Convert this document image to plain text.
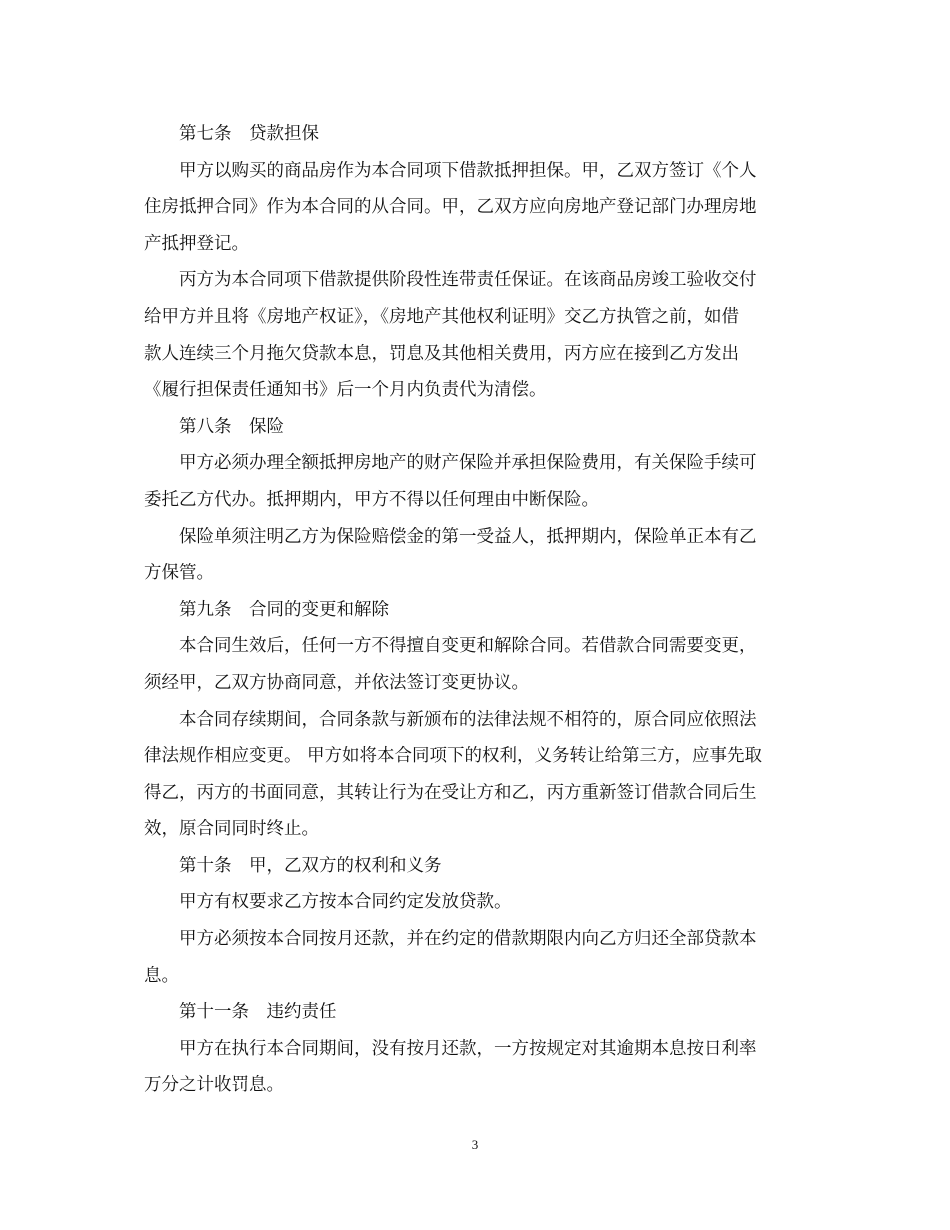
第七条　贷款担保
甲方以购买的商品房作为本合同项下借款抵押担保。甲，乙双方签订《个人
住房抵押合同》作为本合同的从合同。甲，乙双方应向房地产登记部门办理房地
产抵押登记。
丙方为本合同项下借款提供阶段性连带责任保证。在该商品房竣工验收交付
给甲方并且将《房地产权证》，《房地产其他权利证明》交乙方执管之前，如借
款人连续三个月拖欠贷款本息，罚息及其他相关费用，丙方应在接到乙方发出
《履行担保责任通知书》后一个月内负责代为清偿。
第八条　保险
甲方必须办理全额抵押房地产的财产保险并承担保险费用，有关保险手续可
委托乙方代办。抵押期内，甲方不得以任何理由中断保险。
保险单须注明乙方为保险赔偿金的第一受益人，抵押期内，保险单正本有乙
方保管。
第九条　合同的变更和解除
本合同生效后，任何一方不得擅自变更和解除合同。若借款合同需要变更，
须经甲，乙双方协商同意，并依法签订变更协议。
本合同存续期间，合同条款与新颁布的法律法规不相符的，原合同应依照法
律法规作相应变更。 甲方如将本合同项下的权利，义务转让给第三方，应事先取
得乙，丙方的书面同意，其转让行为在受让方和乙，丙方重新签订借款合同后生
效，原合同同时终止。
第十条　甲，乙双方的权利和义务
甲方有权要求乙方按本合同约定发放贷款。
甲方必须按本合同按月还款，并在约定的借款期限内向乙方归还全部贷款本
息。
第十一条　违约责任
甲方在执行本合同期间，没有按月还款，一方按规定对其逾期本息按日利率
万分之计收罚息。
3
